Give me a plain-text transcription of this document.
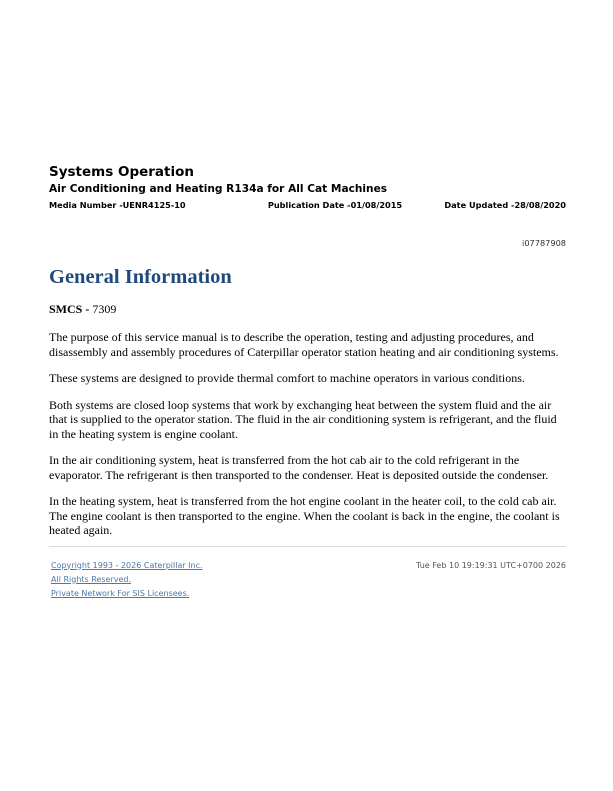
Systems Operation

Air Conditioning and Heating R134a for All Cat Machines

Media Number -UENR4125-10	Publication Date -01/08/2015	Date Updated -28/08/2020
i07787908
General Information
SMCS - 7309

The purpose of this service manual is to describe the operation, testing and adjusting procedures, and disassembly and assembly procedures of Caterpillar operator station heating and air conditioning systems.

These systems are designed to provide thermal comfort to machine operators in various conditions.

Both systems are closed loop systems that work by exchanging heat between the system fluid and the air that is supplied to the operator station. The fluid in the air conditioning system is refrigerant, and the fluid in the heating system is engine coolant.

In the air conditioning system, heat is transferred from the hot cab air to the cold refrigerant in the evaporator. The refrigerant is then transported to the condenser. Heat is deposited outside the condenser.

In the heating system, heat is transferred from the hot engine coolant in the heater coil, to the cold cab air. The engine coolant is then transported to the engine. When the coolant is back in the engine, the coolant is heated again.

Copyright 1993 - 2026 Caterpillar Inc.
All Rights Reserved.
Private Network For SIS Licensees.
Tue Feb 10 19:19:31 UTC+0700 2026
